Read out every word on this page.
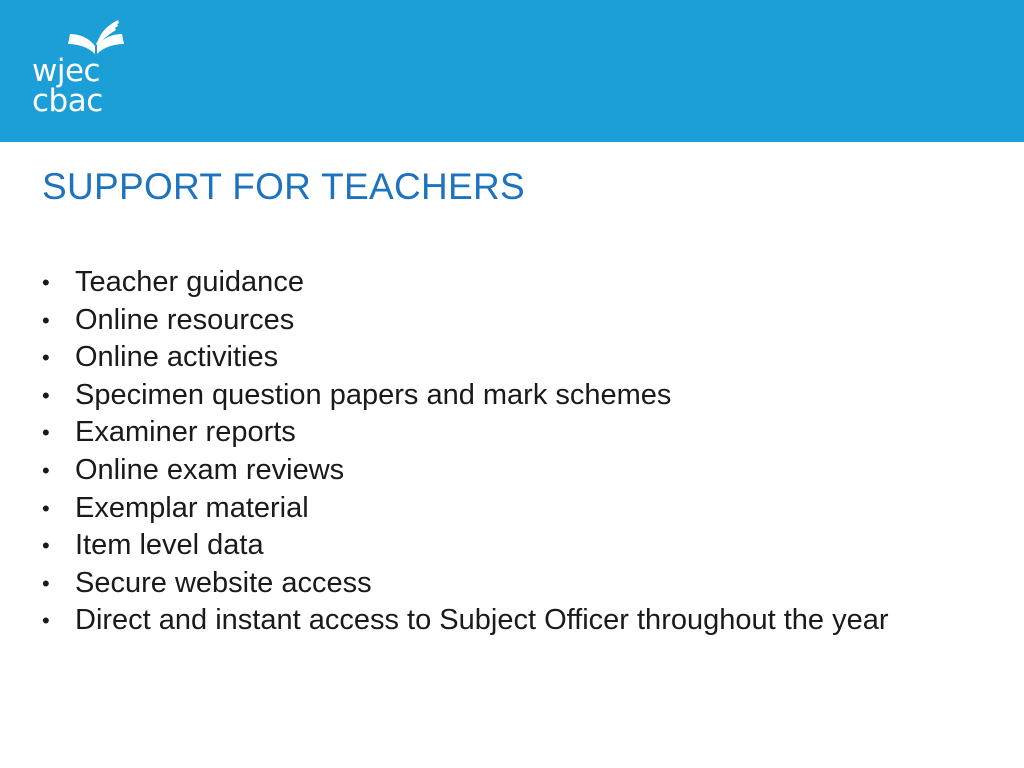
wjec
cbac
SUPPORT FOR TEACHERS
• Teacher guidance
• Online resources
• Online activities
• Specimen question papers and mark schemes
• Examiner reports
• Online exam reviews
• Exemplar material
• Item level data
• Secure website access
• Direct and instant access to Subject Officer throughout the year
